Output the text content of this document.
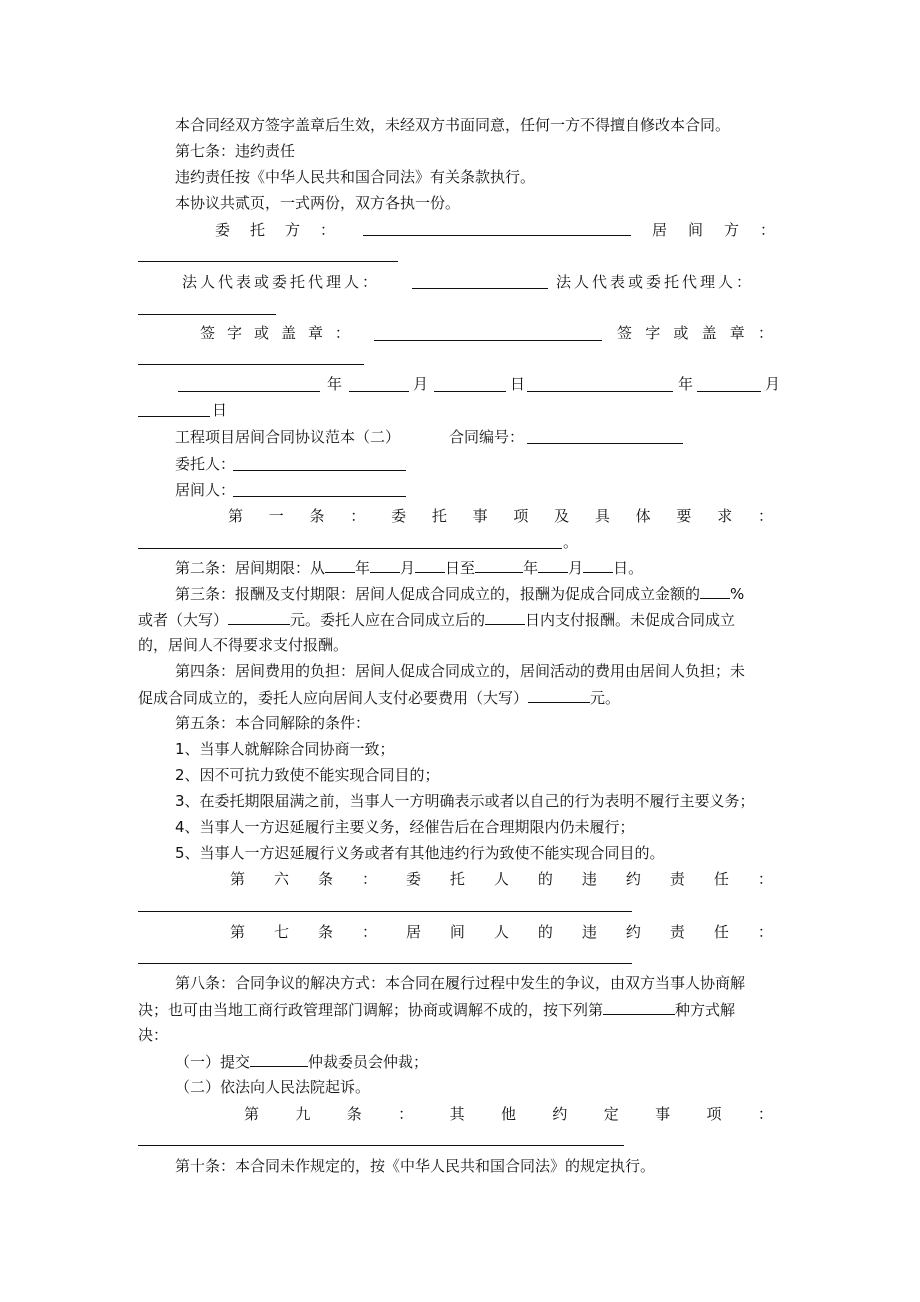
本合同经双方签字盖章后生效，未经双方书面同意，任何一方不得擅自修改本合同。
第七条：违约责任
违约责任按《中华人民共和国合同法》有关条款执行。
本协议共贰页，一式两份，双方各执一份。
委 托 方 ：	居 间 方 ：
法人代表或委托代理人：	法人代表或委托代理人：
签 字 或 盖 章 ：	签 字 或 盖 章 ：
年	月	日	年	月
日
工程项目居间合同协议范本（二）	合同编号：
委托人：
居间人：
第 一 条 ： 委 托 事 项 及 具 体 要 求 ：
。
第二条：居间期限：从 年 月 日至	年 月 日。
第三条：报酬及支付期限：居间人促成合同成立的，报酬为促成合同成立金额的 %
或者（大写）	元。委托人应在合同成立后的	日内支付报酬。未促成合同成立
的，居间人不得要求支付报酬。
第四条：居间费用的负担：居间人促成合同成立的，居间活动的费用由居间人负担；未
促成合同成立的，委托人应向居间人支付必要费用（大写）	元。
第五条：本合同解除的条件：
1、当事人就解除合同协商一致；
2、因不可抗力致使不能实现合同目的；
3、在委托期限届满之前，当事人一方明确表示或者以自己的行为表明不履行主要义务；
4、当事人一方迟延履行主要义务，经催告后在合理期限内仍未履行；
5、当事人一方迟延履行义务或者有其他违约行为致使不能实现合同目的。
第 六 条 ： 委 托 人 的 违 约 责 任 ：
第 七 条 ： 居 间 人 的 违 约 责 任 ：
第八条：合同争议的解决方式：本合同在履行过程中发生的争议，由双方当事人协商解
决；也可由当地工商行政管理部门调解；协商或调解不成的，按下列第	种方式解
决：
（一）提交	仲裁委员会仲裁；
（二）依法向人民法院起诉。
第 九 条 ： 其 他 约 定 事 项 ：
第十条：本合同未作规定的，按《中华人民共和国合同法》的规定执行。
